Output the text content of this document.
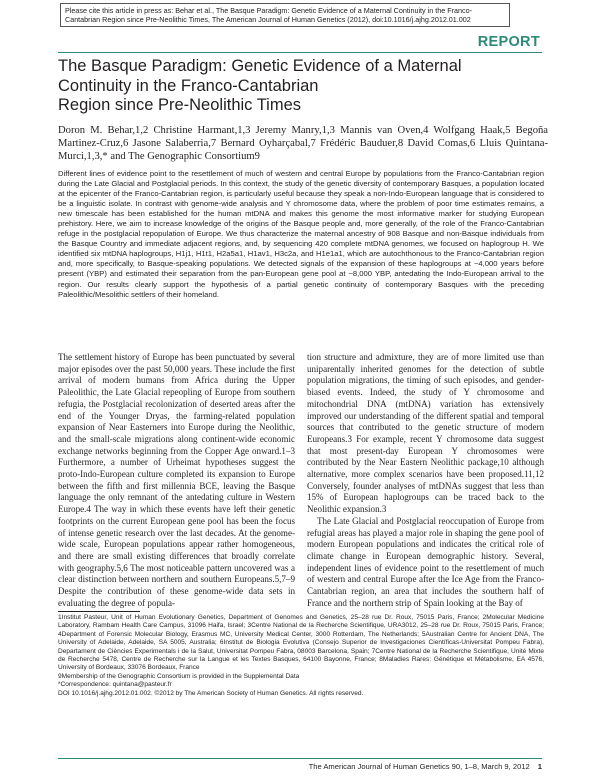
Please cite this article in press as: Behar et al., The Basque Paradigm: Genetic Evidence of a Maternal Continuity in the Franco-Cantabrian Region since Pre-Neolithic Times, The American Journal of Human Genetics (2012), doi:10.1016/j.ajhg.2012.01.002
REPORT
The Basque Paradigm: Genetic Evidence of a Maternal
Continuity in the Franco-Cantabrian
Region since Pre-Neolithic Times
Doron M. Behar,1,2 Christine Harmant,1,3 Jeremy Manry,1,3 Mannis van Oven,4 Wolfgang Haak,5 Begoña Martinez-Cruz,6 Jasone Salaberria,7 Bernard Oyharçabal,7 Frédéric Bauduer,8 David Comas,6 Lluis Quintana-Murci,1,3,* and The Genographic Consortium9
Different lines of evidence point to the resettlement of much of western and central Europe by populations from the Franco-Cantabrian region during the Late Glacial and Postglacial periods. In this context, the study of the genetic diversity of contemporary Basques, a population located at the epicenter of the Franco-Cantabrian region, is particularly useful because they speak a non-Indo-European language that is considered to be a linguistic isolate. In contrast with genome-wide analysis and Y chromosome data, where the problem of poor time estimates remains, a new timescale has been established for the human mtDNA and makes this genome the most informative marker for studying European prehistory. Here, we aim to increase knowledge of the origins of the Basque people and, more generally, of the role of the Franco-Cantabrian refuge in the postglacial repopulation of Europe. We thus characterize the maternal ancestry of 908 Basque and non-Basque individuals from the Basque Country and immediate adjacent regions, and, by sequencing 420 complete mtDNA genomes, we focused on haplogroup H. We identified six mtDNA haplogroups, H1j1, H1t1, H2a5a1, H1av1, H3c2a, and H1e1a1, which are autochthonous to the Franco-Cantabrian region and, more specifically, to Basque-speaking populations. We detected signals of the expansion of these haplogroups at ~4,000 years before present (YBP) and estimated their separation from the pan-European gene pool at ~8,000 YBP, antedating the Indo-European arrival to the region. Our results clearly support the hypothesis of a partial genetic continuity of contemporary Basques with the preceding Paleolithic/Mesolithic settlers of their homeland.

The settlement history of Europe has been punctuated by several major episodes over the past 50,000 years. These include the first arrival of modern humans from Africa during the Upper Paleolithic, the Late Glacial repeopling of Europe from southern refugia, the Postglacial recolonization of deserted areas after the end of the Younger Dryas, the farming-related population expansion of Near Easterners into Europe during the Neolithic, and the small-scale migrations along continent-wide economic exchange networks beginning from the Copper Age onward.1–3 Furthermore, a number of Urheimat hypotheses suggest the proto-Indo-European culture completed its expansion to Europe between the fifth and first millennia BCE, leaving the Basque language the only remnant of the antedating culture in Western Europe.4 The way in which these events have left their genetic footprints on the current European gene pool has been the focus of intense genetic research over the last decades. At the genome-wide scale, European populations appear rather homogeneous, and there are small existing differences that broadly correlate with geography.5,6 The most noticeable pattern uncovered was a clear distinction between northern and southern Europeans.5,7–9 Despite the contribution of these genome-wide data sets in evaluating the degree of popula-

tion structure and admixture, they are of more limited use than uniparentally inherited genomes for the detection of subtle population migrations, the timing of such episodes, and gender-biased events. Indeed, the study of Y chromosome and mitochondrial DNA (mtDNA) variation has extensively improved our understanding of the different spatial and temporal sources that contributed to the genetic structure of modern Europeans.3 For example, recent Y chromosome data suggest that most present-day European Y chromosomes were contributed by the Near Eastern Neolithic package,10 although alternative, more complex scenarios have been proposed.11,12 Conversely, founder analyses of mtDNAs suggest that less than 15% of European haplogroups can be traced back to the Neolithic expansion.3

The Late Glacial and Postglacial reoccupation of Europe from refugial areas has played a major role in shaping the gene pool of modern European populations and indicates the critical role of climate change in European demographic history. Several, independent lines of evidence point to the resettlement of much of western and central Europe after the Ice Age from the Franco-Cantabrian region, an area that includes the southern half of France and the northern strip of Spain looking at the Bay of

1Institut Pasteur, Unit of Human Evolutionary Genetics, Department of Genomes and Genetics, 25–28 rue Dr. Roux, 75015 Paris, France; 2Molecular Medicine Laboratory, Rambam Health Care Campus, 31096 Haifa, Israel; 3Centre National de la Recherche Scientifique, URA3012, 25–28 rue Dr. Roux, 75015 Paris, France; 4Department of Forensic Molecular Biology, Erasmus MC, University Medical Center, 3000 Rotterdam, The Netherlands; 5Australian Centre for Ancient DNA, The University of Adelaide, Adelaide, SA 5005, Australia; 6Institut de Biologia Evolutiva (Consejo Superior de Investigaciones Científicas-Universitat Pompeu Fabra), Departament de Ciències Experimentals i de la Salut, Universitat Pompeu Fabra, 08003 Barcelona, Spain; 7Centre National de la Recherche Scientifique, Unité Mixte de Recherche 5478, Centre de Recherche sur la Langue et les Textes Basques, 64100 Bayonne, France; 8Maladies Rares: Génétique et Métabolisme, EA 4576, University of Bordeaux, 33076 Bordeaux, France

9Membership of the Genographic Consortium is provided in the Supplemental Data

*Correspondence: quintana@pasteur.fr

DOI 10.1016/j.ajhg.2012.01.002. ©2012 by The American Society of Human Genetics. All rights reserved.

The American Journal of Human Genetics 90, 1–8, March 9, 2012 1
